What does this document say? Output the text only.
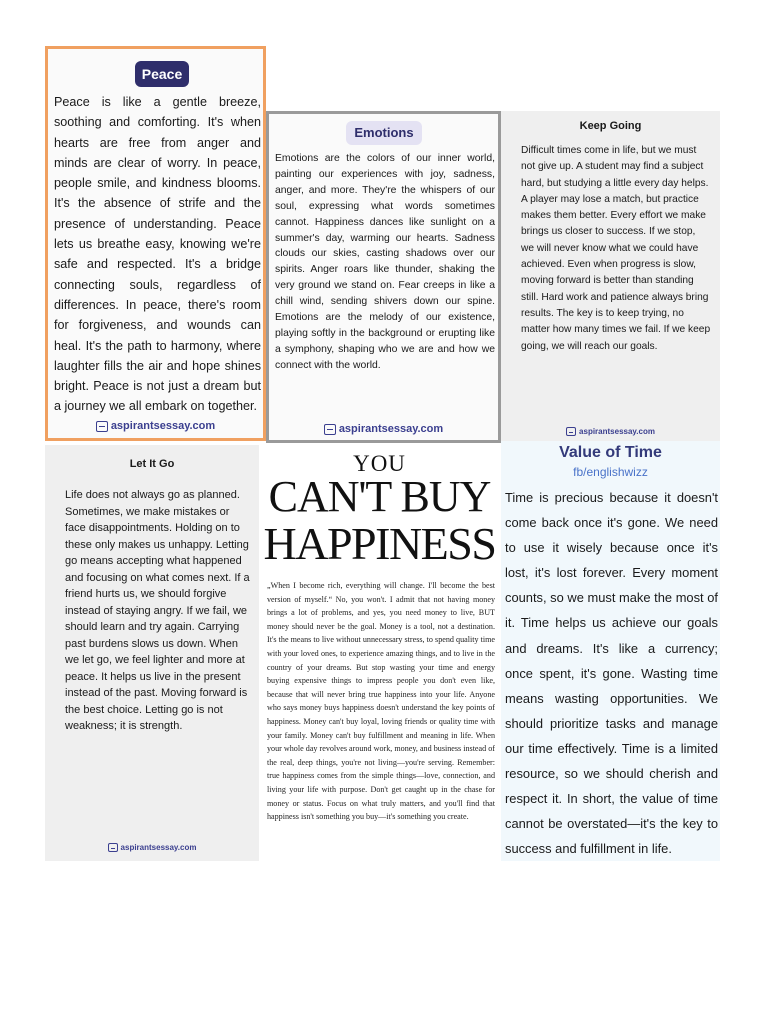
Peace
Peace is like a gentle breeze, soothing and comforting. It's when hearts are free from anger and minds are clear of worry. In peace, people smile, and kindness blooms. It's the absence of strife and the presence of understanding. Peace lets us breathe easy, knowing we're safe and respected. It's a bridge connecting souls, regardless of differences. In peace, there's room for forgiveness, and wounds can heal. It's the path to harmony, where laughter fills the air and hope shines bright. Peace is not just a dream but a journey we all embark on together.
aspirantsessay.com
Emotions
Emotions are the colors of our inner world, painting our experiences with joy, sadness, anger, and more. They're the whispers of our soul, expressing what words sometimes cannot. Happiness dances like sunlight on a summer's day, warming our hearts. Sadness clouds our skies, casting shadows over our spirits. Anger roars like thunder, shaking the very ground we stand on. Fear creeps in like a chill wind, sending shivers down our spine. Emotions are the melody of our existence, playing softly in the background or erupting like a symphony, shaping who we are and how we connect with the world.
aspirantsessay.com
Keep Going
Difficult times come in life, but we must not give up. A student may find a subject hard, but studying a little every day helps. A player may lose a match, but practice makes them better. Every effort we make brings us closer to success. If we stop, we will never know what we could have achieved. Even when progress is slow, moving forward is better than standing still. Hard work and patience always bring results. The key is to keep trying, no matter how many times we fail. If we keep going, we will reach our goals.
aspirantsessay.com
Let It Go
Life does not always go as planned. Sometimes, we make mistakes or face disappointments. Holding on to these only makes us unhappy. Letting go means accepting what happened and focusing on what comes next. If a friend hurts us, we should forgive instead of staying angry. If we fail, we should learn and try again. Carrying past burdens slows us down. When we let go, we feel lighter and more at peace. It helps us live in the present instead of the past. Moving forward is the best choice. Letting go is not weakness; it is strength.
aspirantsessay.com
YOU
CAN'T BUY
HAPPINESS
„When I become rich, everything will change. I'll become the best version of myself.“ No, you won't. I admit that not having money brings a lot of problems, and yes, you need money to live, BUT money should never be the goal. Money is a tool, not a destination. It's the means to live without unnecessary stress, to spend quality time with your loved ones, to experience amazing things, and to live in the country of your dreams. But stop wasting your time and energy buying expensive things to impress people you don't even like, because that will never bring true happiness into your life. Anyone who says money buys happiness doesn't understand the key points of happiness. Money can't buy loyal, loving friends or quality time with your family. Money can't buy fulfillment and meaning in life. When your whole day revolves around work, money, and business instead of the real, deep things, you're not living—you're serving. Remember: true happiness comes from the simple things—love, connection, and living your life with purpose. Don't get caught up in the chase for money or status. Focus on what truly matters, and you'll find that happiness isn't something you buy—it's something you create.
Value of Time
fb/englishwizz
Time is precious because it doesn't come back once it's gone. We need to use it wisely because once it's lost, it's lost forever. Every moment counts, so we must make the most of it. Time helps us achieve our goals and dreams. It's like a currency; once spent, it's gone. Wasting time means wasting opportunities. We should prioritize tasks and manage our time effectively. Time is a limited resource, so we should cherish and respect it. In short, the value of time cannot be overstated—it's the key to success and fulfillment in life.
